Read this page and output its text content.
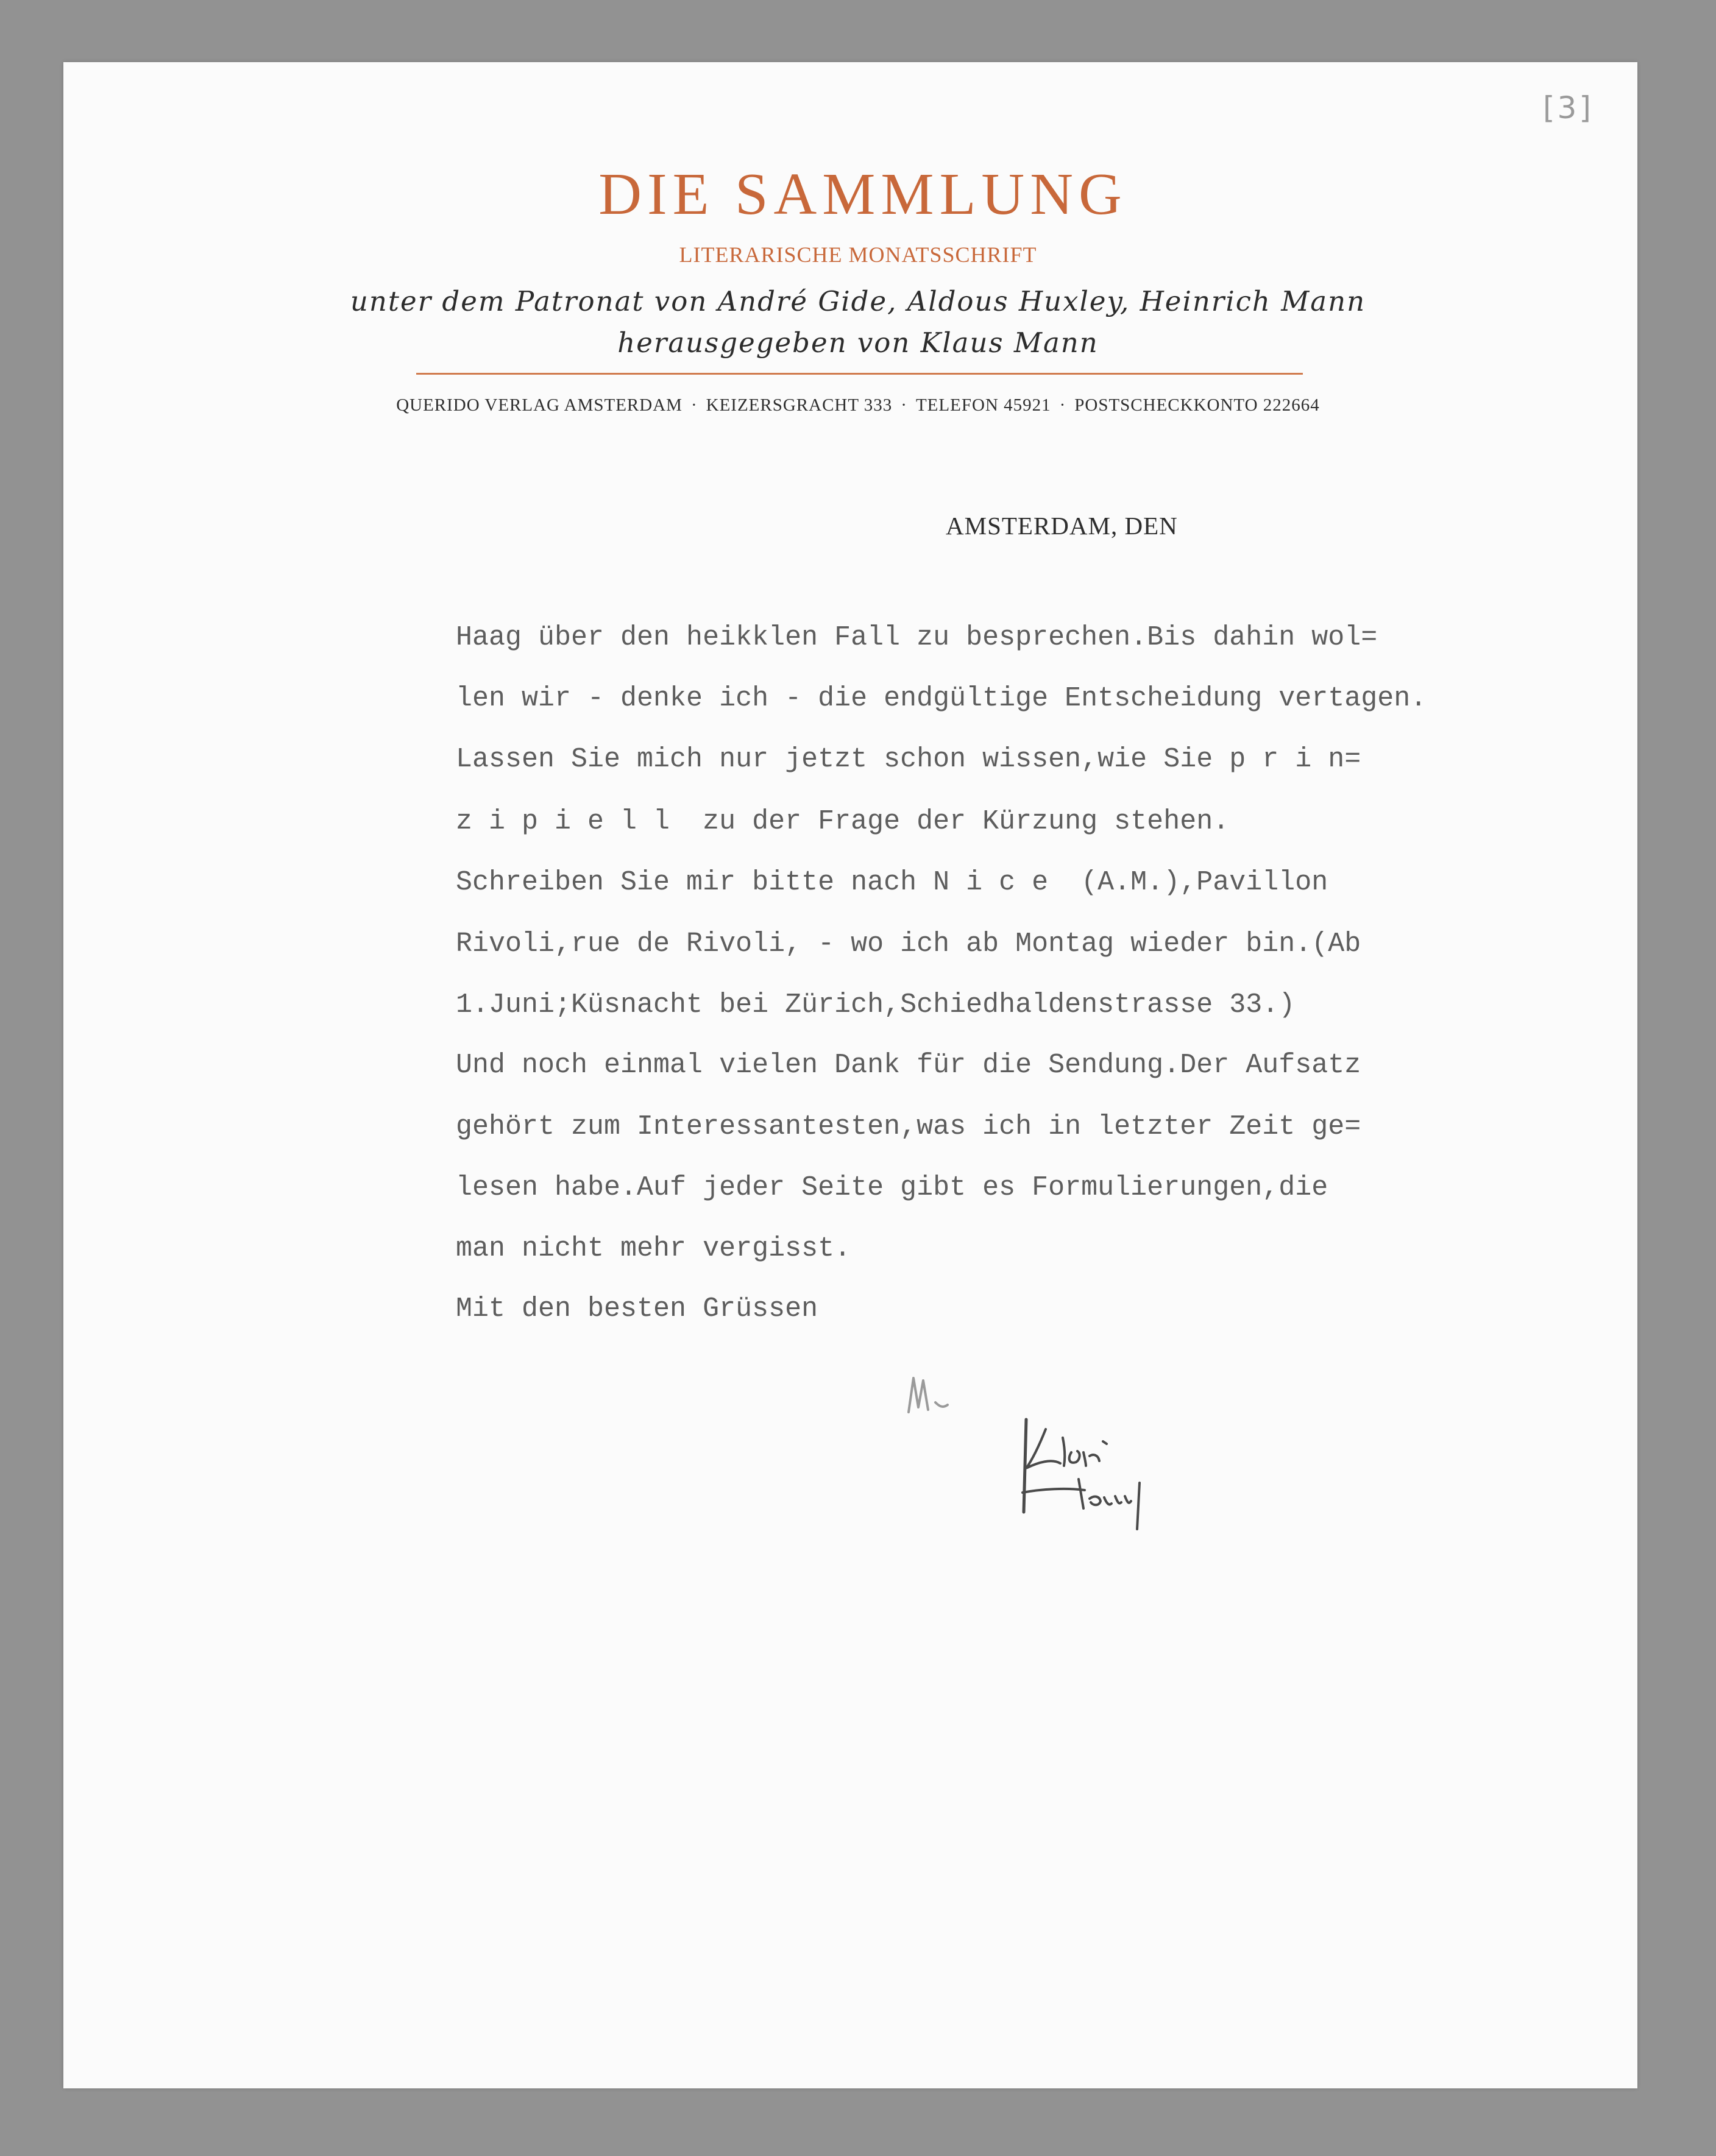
[3]
DIE SAMMLUNG
LITERARISCHE MONATSSCHRIFT
unter dem Patronat von André Gide, Aldous Huxley, Heinrich Mann
herausgegeben von Klaus Mann
QUERIDO VERLAG AMSTERDAM · KEIZERSGRACHT 333 · TELEFON 45921 · POSTSCHECKKONTO 222664
AMSTERDAM, DEN
Haag über den heikklen Fall zu besprechen.Bis dahin wol=
len wir - denke ich - die endgültige Entscheidung vertagen.
Lassen Sie mich nur jetzt schon wissen,wie Sie p r i n=
z i p i e l l  zu der Frage der Kürzung stehen.
Schreiben Sie mir bitte nach N i c e  (A.M.),Pavillon
Rivoli,rue de Rivoli, - wo ich ab Montag wieder bin.(Ab
1.Juni;Küsnacht bei Zürich,Schiedhaldenstrasse 33.)
Und noch einmal vielen Dank für die Sendung.Der Aufsatz
gehört zum Interessantesten,was ich in letzter Zeit ge=
lesen habe.Auf jeder Seite gibt es Formulierungen,die
man nicht mehr vergisst.
Mit den besten Grüssen
